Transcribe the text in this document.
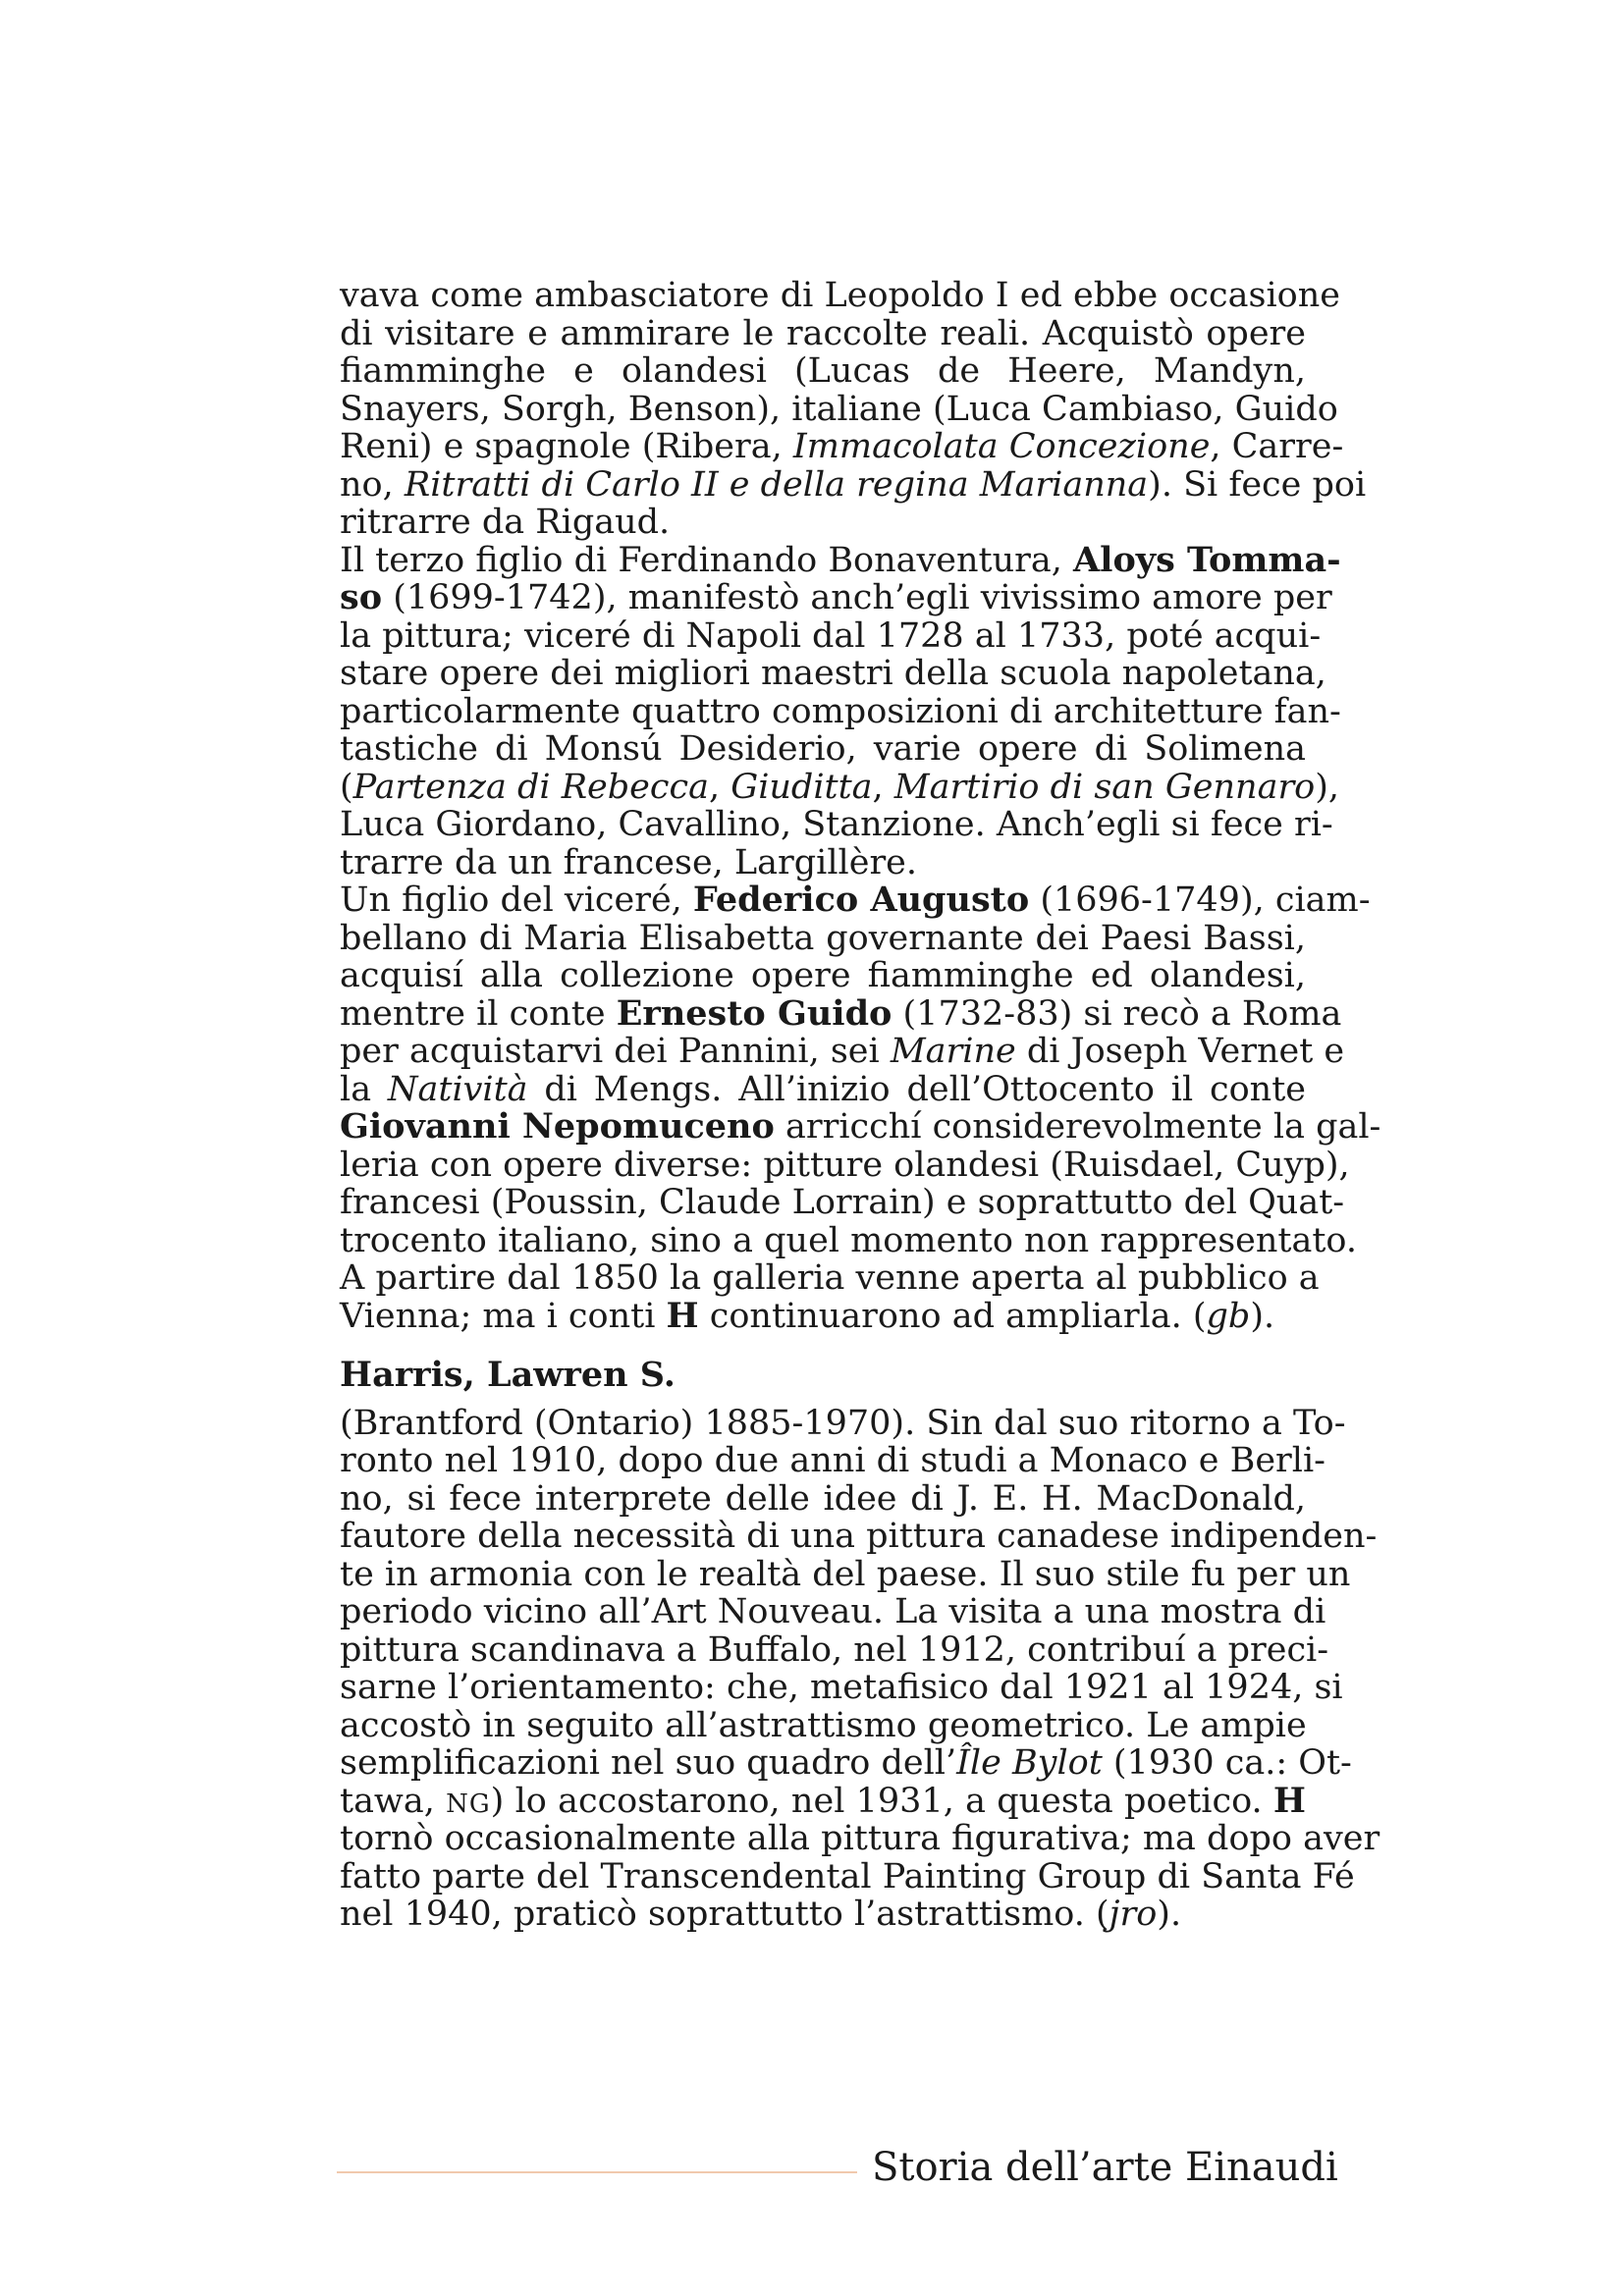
vava come ambasciatore di Leopoldo I ed ebbe occasione
di visitare e ammirare le raccolte reali. Acquistò opere
fiamminghe e olandesi (Lucas de Heere, Mandyn,
Snayers, Sorgh, Benson), italiane (Luca Cambiaso, Guido
Reni) e spagnole (Ribera, Immacolata Concezione, Carre-
no, Ritratti di Carlo II e della regina Marianna). Si fece poi
ritrarre da Rigaud.
Il terzo figlio di Ferdinando Bonaventura, Aloys Tomma-
so (1699-1742), manifestò anch’egli vivissimo amore per
la pittura; viceré di Napoli dal 1728 al 1733, poté acqui-
stare opere dei migliori maestri della scuola napoletana,
particolarmente quattro composizioni di architetture fan-
tastiche di Monsú Desiderio, varie opere di Solimena
(Partenza di Rebecca, Giuditta, Martirio di san Gennaro),
Luca Giordano, Cavallino, Stanzione. Anch’egli si fece ri-
trarre da un francese, Largillère.
Un figlio del viceré, Federico Augusto (1696-1749), ciam-
bellano di Maria Elisabetta governante dei Paesi Bassi,
acquisí alla collezione opere fiamminghe ed olandesi,
mentre il conte Ernesto Guido (1732-83) si recò a Roma
per acquistarvi dei Pannini, sei Marine di Joseph Vernet e
la Natività di Mengs. All’inizio dell’Ottocento il conte
Giovanni Nepomuceno arricchí considerevolmente la gal-
leria con opere diverse: pitture olandesi (Ruisdael, Cuyp),
francesi (Poussin, Claude Lorrain) e soprattutto del Quat-
trocento italiano, sino a quel momento non rappresentato.
A partire dal 1850 la galleria venne aperta al pubblico a
Vienna; ma i conti H continuarono ad ampliarla. (gb).
Harris, Lawren S.
(Brantford (Ontario) 1885-1970). Sin dal suo ritorno a To-
ronto nel 1910, dopo due anni di studi a Monaco e Berli-
no, si fece interprete delle idee di J. E. H. MacDonald,
fautore della necessità di una pittura canadese indipenden-
te in armonia con le realtà del paese. Il suo stile fu per un
periodo vicino all’Art Nouveau. La visita a una mostra di
pittura scandinava a Buffalo, nel 1912, contribuí a preci-
sarne l’orientamento: che, metafisico dal 1921 al 1924, si
accostò in seguito all’astrattismo geometrico. Le ampie
semplificazioni nel suo quadro dell’Île Bylot (1930 ca.: Ot-
tawa, NG) lo accostarono, nel 1931, a questa poetico. H
tornò occasionalmente alla pittura figurativa; ma dopo aver
fatto parte del Transcendental Painting Group di Santa Fé
nel 1940, praticò soprattutto l’astrattismo. (jro).
Storia dell’arte Einaudi
